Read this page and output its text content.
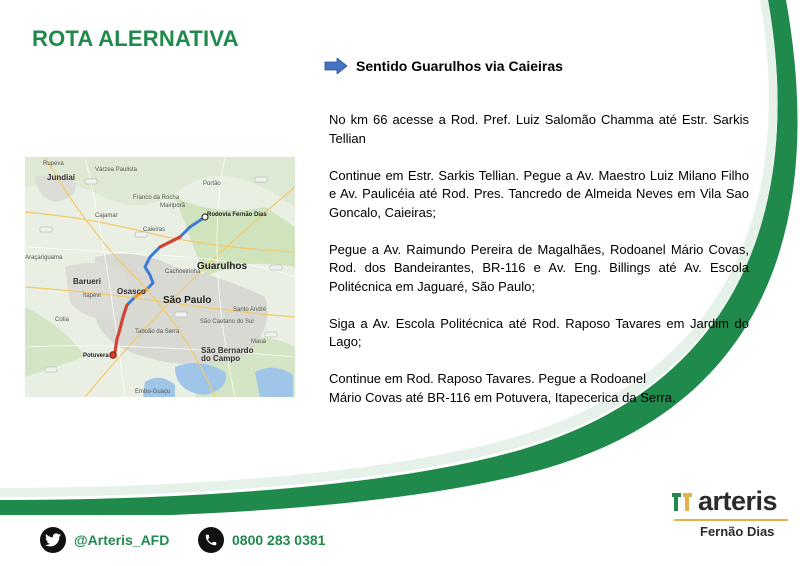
ROTA ALERNATIVA
Sentido Guarulhos via Caieiras

No km 66 acesse a Rod. Pref. Luiz Salomão Chamma até Estr. Sarkis Tellian

Continue em Estr. Sarkis Tellian. Pegue a Av. Maestro Luiz Milano Filho e Av. Paulicéia até Rod. Pres. Tancredo de Almeida Neves em Vila Sao Goncalo, Caieiras;

Pegue a Av. Raimundo Pereira de Magalhães, Rodoanel Mário Covas, Rod. dos Bandeirantes, BR-116 e Av. Eng. Billings até Av. Escola Politécnica em Jaguaré, São Paulo;

Siga a Av. Escola Politécnica até Rod. Raposo Tavares em Jardim do Lago;

Continue em Rod. Raposo Tavares. Pegue a Rodoanel
Mário Covas até BR-116 em Potuvera, Itapecerica da Serra.

Rupeva
Várzea Paulista
Jundiaí
Portão
Franco da Rocha
Mairiporã
Cajamar	Rodovia Fernão Dias
Caieiras
Araçariguama
Cachoeirinha
Guarulhos
Barueri
Itapevi Osasco
São Paulo
Santo André
São Caetano do Sul
Cotia
Taboão da Serra
Mauá
São Bernardo do Campo
Potuvera
Embu-Guaçu
@Arteris_AFD	0800 283 0381
arteris
Fernão Dias
